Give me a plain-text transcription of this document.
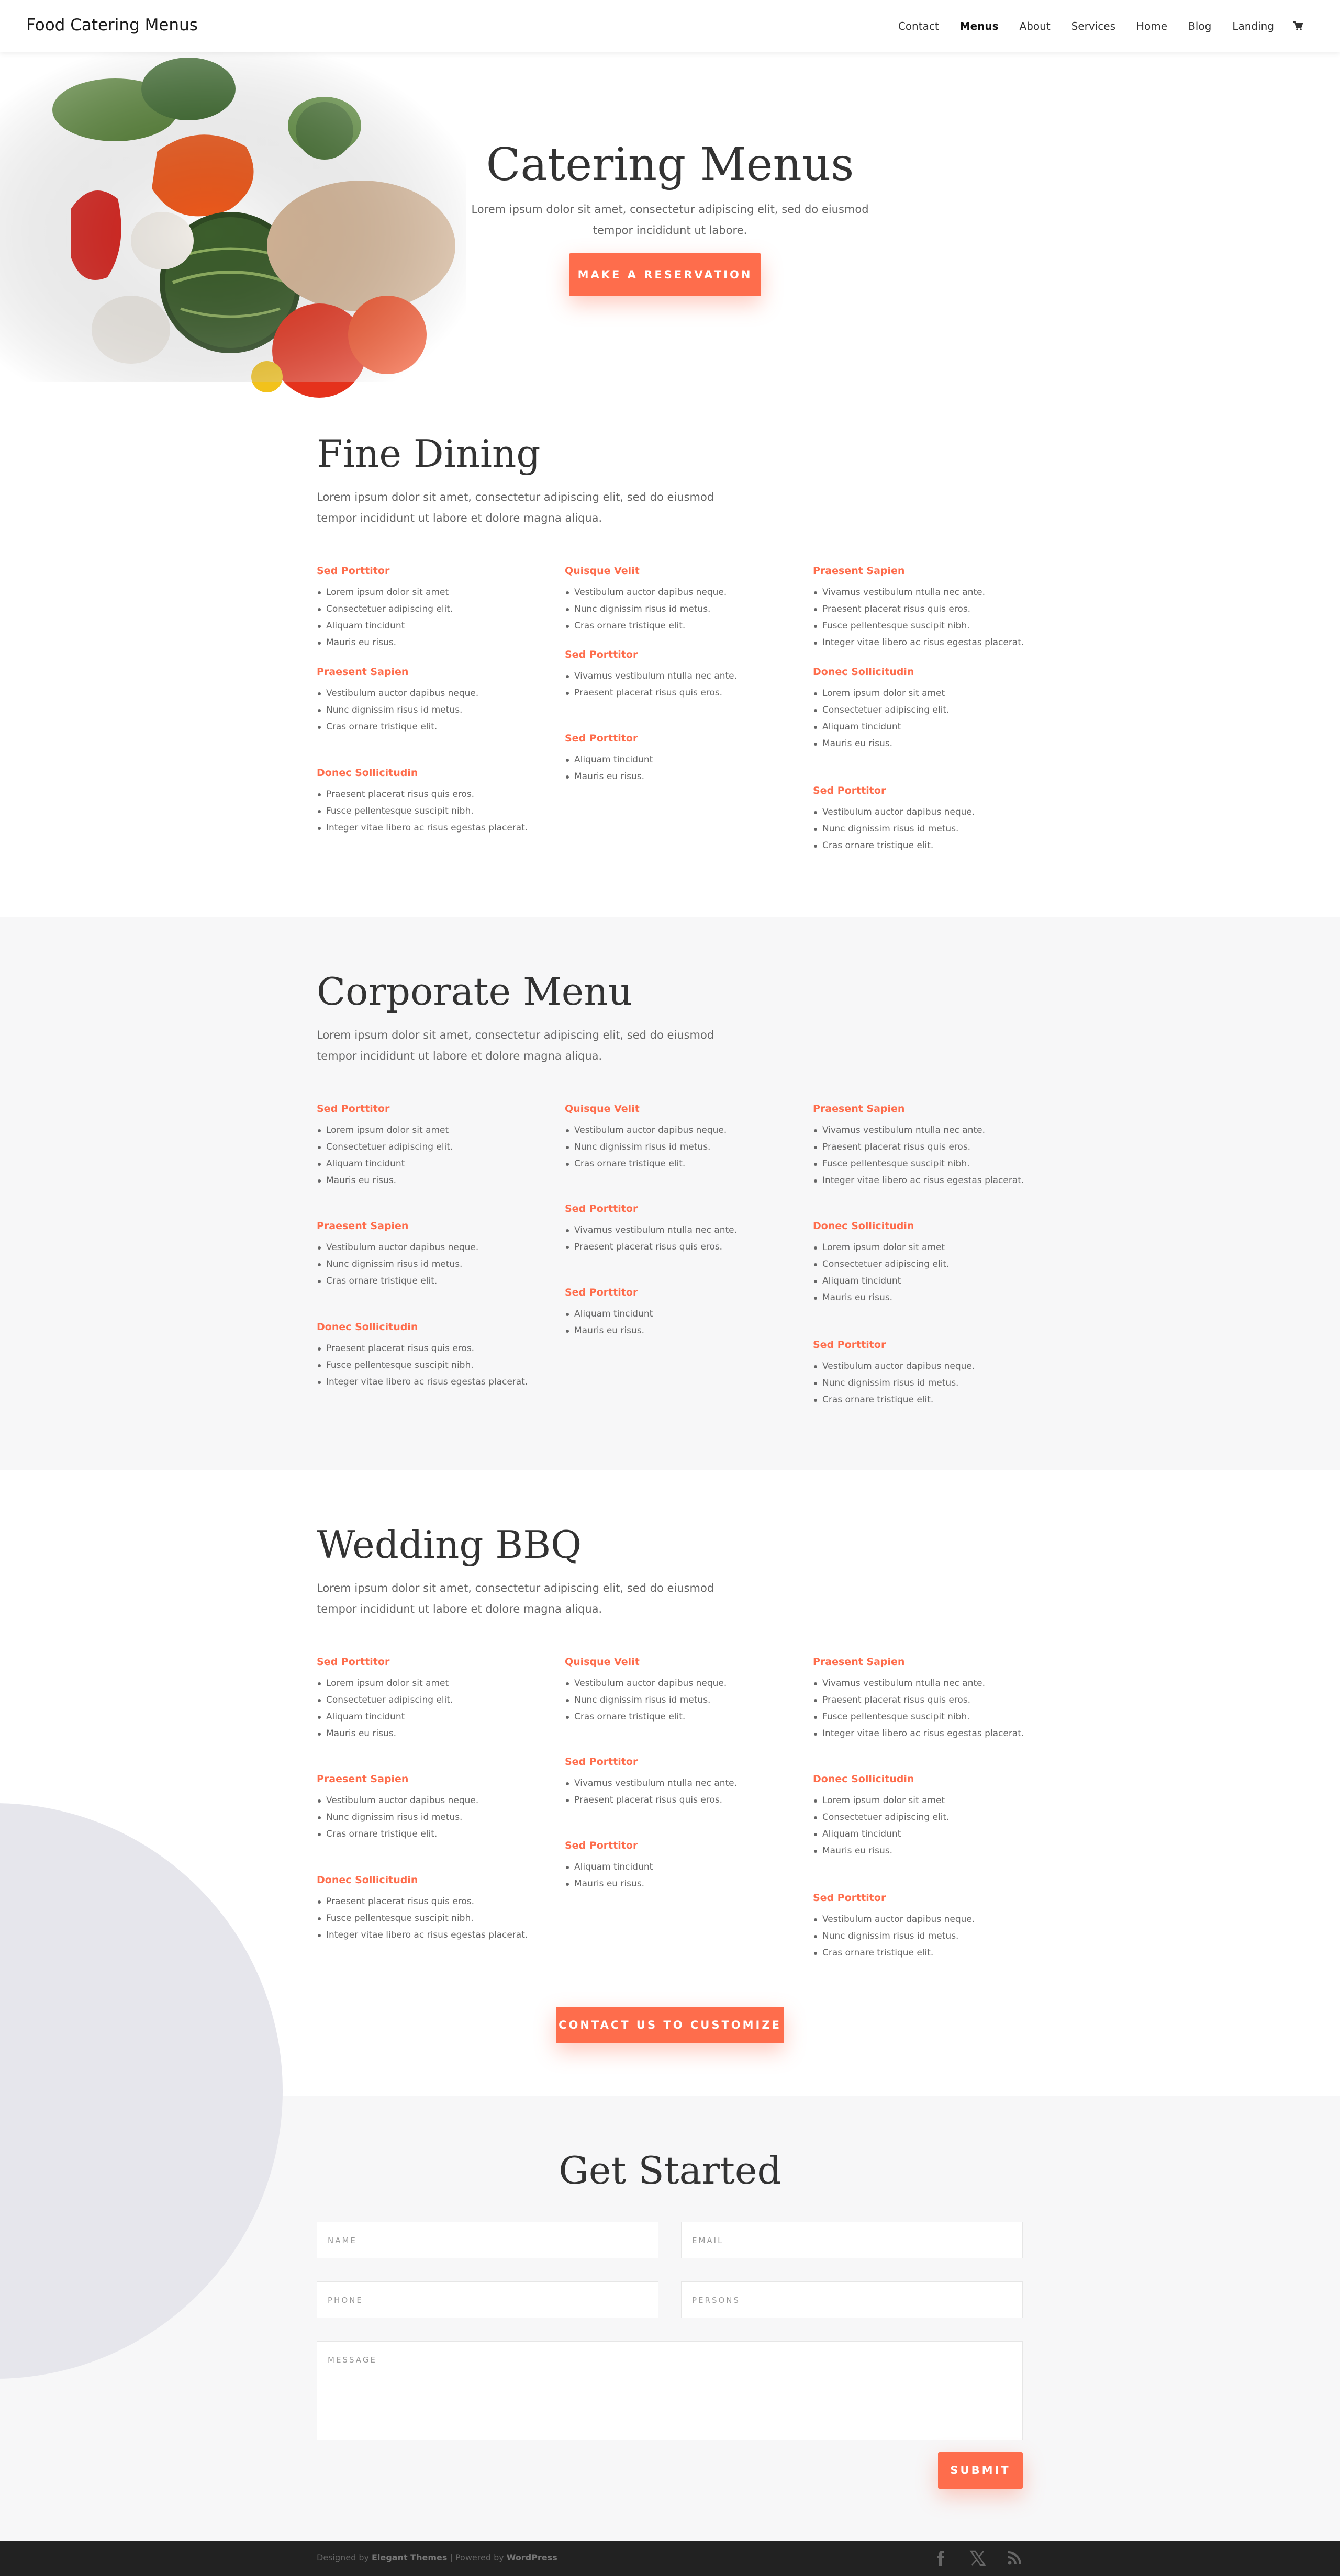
Food Catering Menus	Contact Menus About Services Home Blog Landing
Catering Menus
Lorem ipsum dolor sit amet, consectetur adipiscing elit, sed do eiusmod tempor incididunt ut labore.
MAKE A RESERVATION
Fine Dining
Lorem ipsum dolor sit amet, consectetur adipiscing elit, sed do eiusmod tempor incididunt ut labore et dolore magna aliqua.
Sed Porttitor
Lorem ipsum dolor sit amet
Consectetuer adipiscing elit.
Aliquam tincidunt
Mauris eu risus.
Praesent Sapien
Vestibulum auctor dapibus neque.
Nunc dignissim risus id metus.
Cras ornare tristique elit.
Donec Sollicitudin
Praesent placerat risus quis eros.
Fusce pellentesque suscipit nibh.
Integer vitae libero ac risus egestas placerat.
Quisque Velit
Vestibulum auctor dapibus neque.
Nunc dignissim risus id metus.
Cras ornare tristique elit.
Sed Porttitor
Vivamus vestibulum ntulla nec ante.
Praesent placerat risus quis eros.
Sed Porttitor
Aliquam tincidunt
Mauris eu risus.
Praesent Sapien
Vivamus vestibulum ntulla nec ante.
Praesent placerat risus quis eros.
Fusce pellentesque suscipit nibh.
Integer vitae libero ac risus egestas placerat.
Donec Sollicitudin
Lorem ipsum dolor sit amet
Consectetuer adipiscing elit.
Aliquam tincidunt
Mauris eu risus.
Sed Porttitor
Vestibulum auctor dapibus neque.
Nunc dignissim risus id metus.
Cras ornare tristique elit.
Corporate Menu
Lorem ipsum dolor sit amet, consectetur adipiscing elit, sed do eiusmod tempor incididunt ut labore et dolore magna aliqua.
Sed Porttitor
Lorem ipsum dolor sit amet
Consectetuer adipiscing elit.
Aliquam tincidunt
Mauris eu risus.
Praesent Sapien
Vestibulum auctor dapibus neque.
Nunc dignissim risus id metus.
Cras ornare tristique elit.
Donec Sollicitudin
Praesent placerat risus quis eros.
Fusce pellentesque suscipit nibh.
Integer vitae libero ac risus egestas placerat.
Quisque Velit
Vestibulum auctor dapibus neque.
Nunc dignissim risus id metus.
Cras ornare tristique elit.
Sed Porttitor
Vivamus vestibulum ntulla nec ante.
Praesent placerat risus quis eros.
Sed Porttitor
Aliquam tincidunt
Mauris eu risus.
Praesent Sapien
Vivamus vestibulum ntulla nec ante.
Praesent placerat risus quis eros.
Fusce pellentesque suscipit nibh.
Integer vitae libero ac risus egestas placerat.
Donec Sollicitudin
Lorem ipsum dolor sit amet
Consectetuer adipiscing elit.
Aliquam tincidunt
Mauris eu risus.
Sed Porttitor
Vestibulum auctor dapibus neque.
Nunc dignissim risus id metus.
Cras ornare tristique elit.
Wedding BBQ
Lorem ipsum dolor sit amet, consectetur adipiscing elit, sed do eiusmod tempor incididunt ut labore et dolore magna aliqua.
Sed Porttitor
Lorem ipsum dolor sit amet
Consectetuer adipiscing elit.
Aliquam tincidunt
Mauris eu risus.
Praesent Sapien
Vestibulum auctor dapibus neque.
Nunc dignissim risus id metus.
Cras ornare tristique elit.
Donec Sollicitudin
Praesent placerat risus quis eros.
Fusce pellentesque suscipit nibh.
Integer vitae libero ac risus egestas placerat.
Quisque Velit
Vestibulum auctor dapibus neque.
Nunc dignissim risus id metus.
Cras ornare tristique elit.
Sed Porttitor
Vivamus vestibulum ntulla nec ante.
Praesent placerat risus quis eros.
Sed Porttitor
Aliquam tincidunt
Mauris eu risus.
Praesent Sapien
Vivamus vestibulum ntulla nec ante.
Praesent placerat risus quis eros.
Fusce pellentesque suscipit nibh.
Integer vitae libero ac risus egestas placerat.
Donec Sollicitudin
Lorem ipsum dolor sit amet
Consectetuer adipiscing elit.
Aliquam tincidunt
Mauris eu risus.
Sed Porttitor
Vestibulum auctor dapibus neque.
Nunc dignissim risus id metus.
Cras ornare tristique elit.
CONTACT US TO CUSTOMIZE
Get Started
NAME	EMAIL
PHONE	PERSONS
MESSAGE
SUBMIT
Designed by Elegant Themes | Powered by WordPress
